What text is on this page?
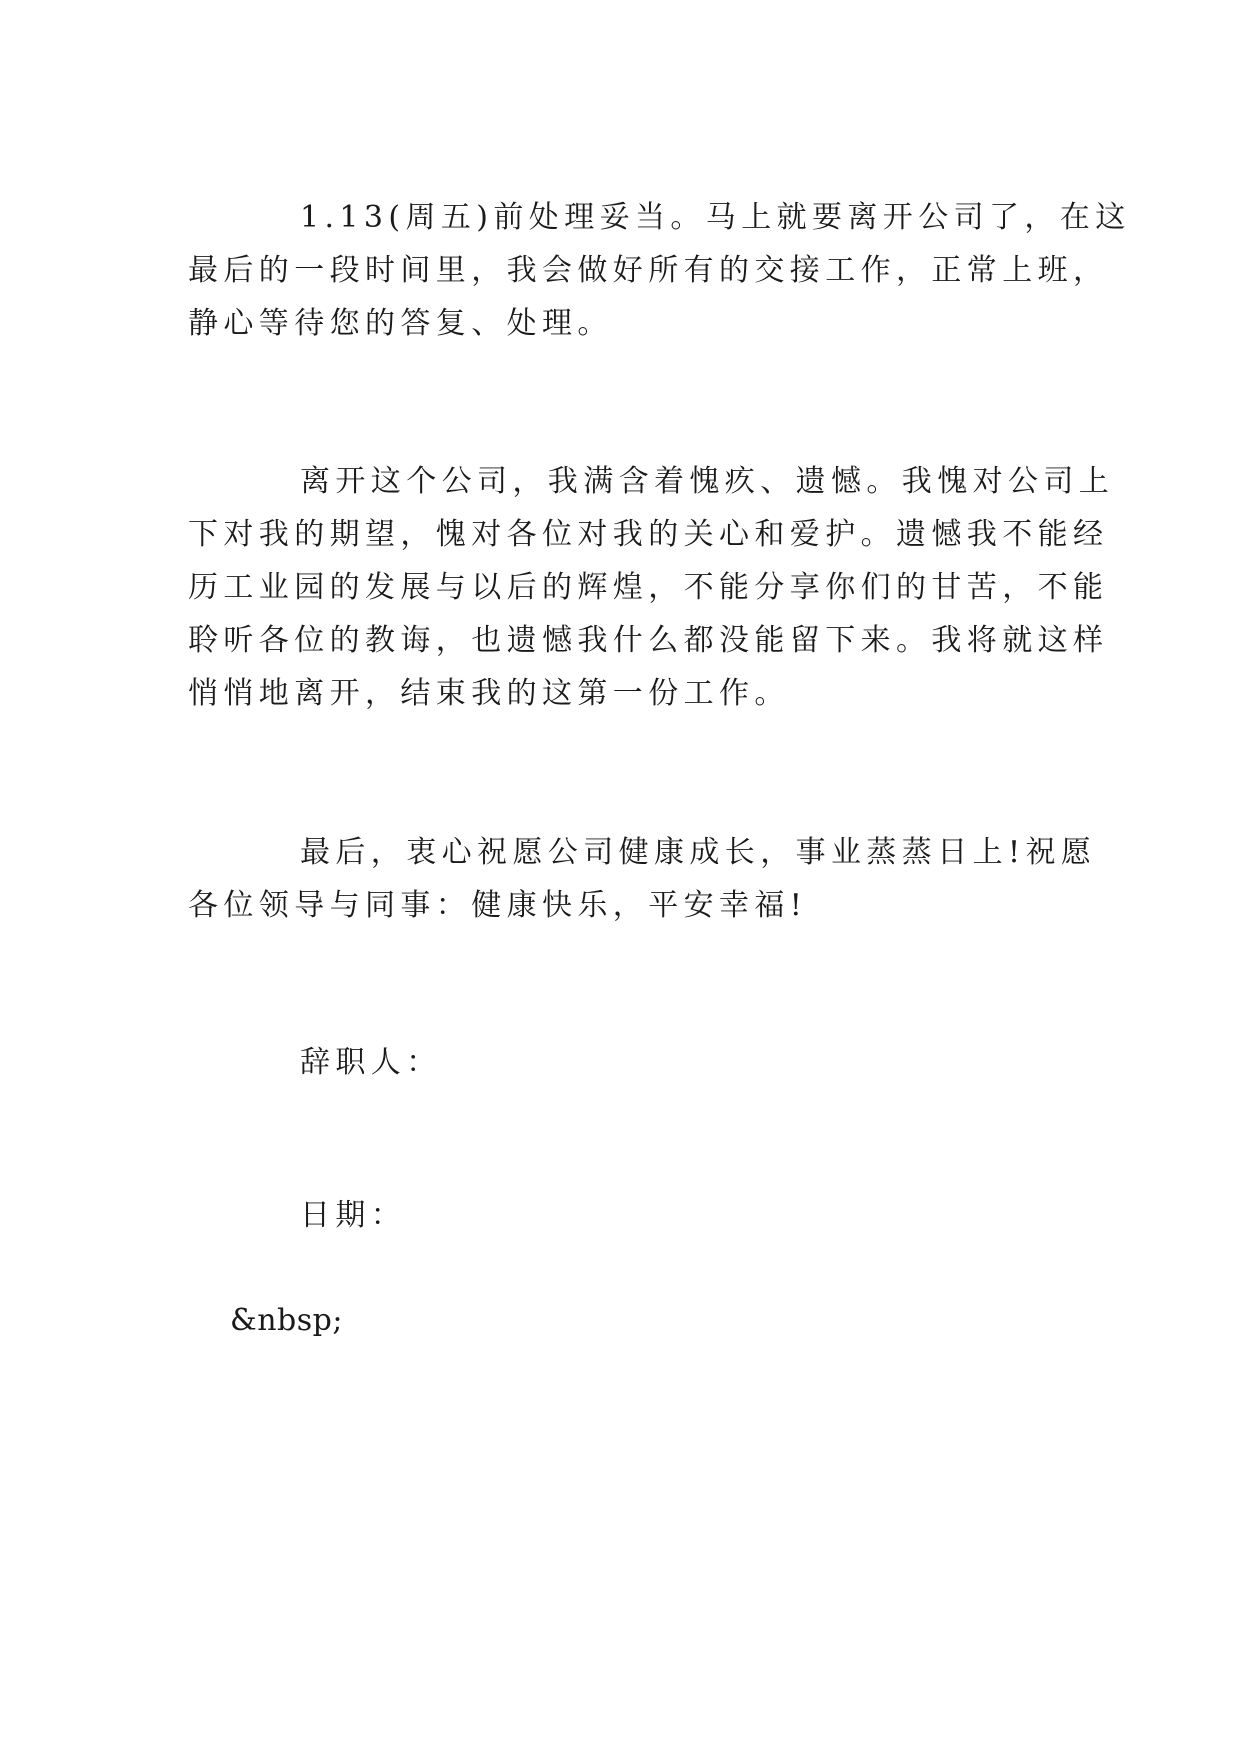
1.13(周五)前处理妥当。马上就要离开公司了，在这
最后的一段时间里，我会做好所有的交接工作，正常上班，
静心等待您的答复、处理。
离开这个公司，我满含着愧疚、遗憾。我愧对公司上
下对我的期望，愧对各位对我的关心和爱护。遗憾我不能经
历工业园的发展与以后的辉煌，不能分享你们的甘苦，不能
聆听各位的教诲，也遗憾我什么都没能留下来。我将就这样
悄悄地离开，结束我的这第一份工作。
最后，衷心祝愿公司健康成长，事业蒸蒸日上!祝愿
各位领导与同事：健康快乐，平安幸福!
辞职人：
日期：
&nbsp;
